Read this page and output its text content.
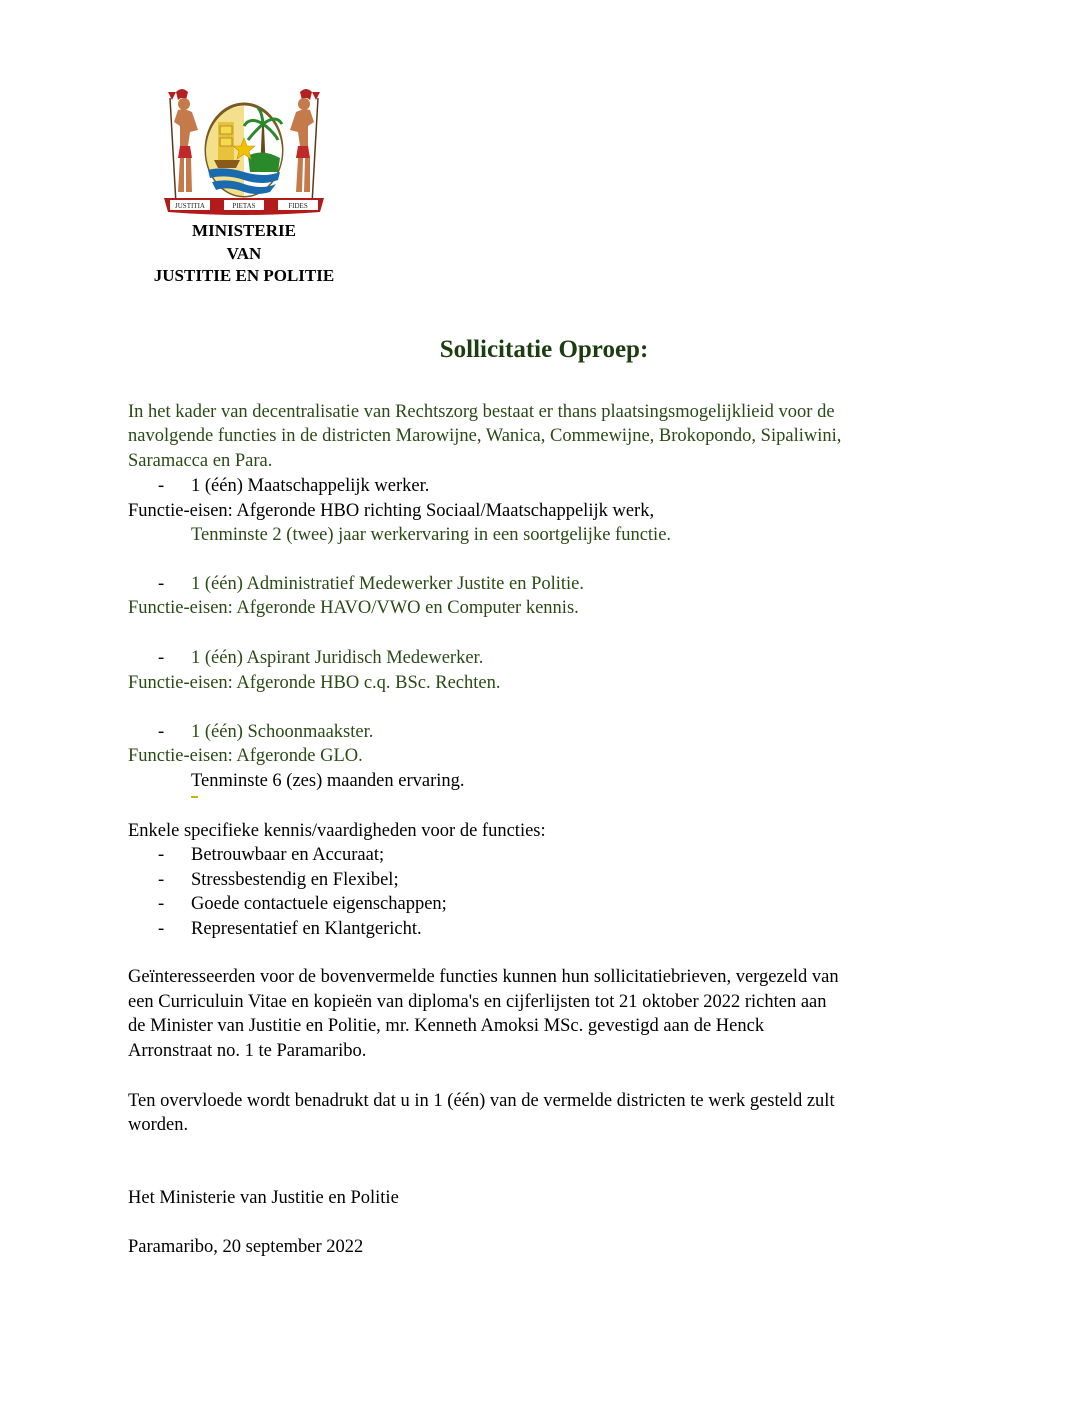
JUSTITIA	PIETAS	FIDES
MINISTERIE
VAN
JUSTITIE EN POLITIE
Sollicitatie Oproep:
In het kader van decentralisatie van Rechtszorg bestaat er thans plaatsingsmogelijklieid voor de
navolgende functies in de districten Marowijne, Wanica, Commewijne, Brokopondo, Sipaliwini,
Saramacca en Para.
- 1 (één) Maatschappelijk werker.
Functie-eisen: Afgeronde HBO richting Sociaal/Maatschappelijk werk,
Tenminste 2 (twee) jaar werkervaring in een soortgelijke functie.
- 1 (één) Administratief Medewerker Justite en Politie.
Functie-eisen: Afgeronde HAVO/VWO en Computer kennis.
- 1 (één) Aspirant Juridisch Medewerker.
Functie-eisen: Afgeronde HBO c.q. BSc. Rechten.
- 1 (één) Schoonmaakster.
Functie-eisen: Afgeronde GLO.
Tenminste 6 (zes) maanden ervaring.
Enkele specifieke kennis/vaardigheden voor de functies:
- Betrouwbaar en Accuraat;
- Stressbestendig en Flexibel;
- Goede contactuele eigenschappen;
- Representatief en Klantgericht.
Geïnteresseerden voor de bovenvermelde functies kunnen hun sollicitatiebrieven, vergezeld van
een Curriculuin Vitae en kopieën van diploma's en cijferlijsten tot 21 oktober 2022 richten aan
de Minister van Justitie en Politie, mr. Kenneth Amoksi MSc. gevestigd aan de Henck
Arronstraat no. 1 te Paramaribo.
Ten overvloede wordt benadrukt dat u in 1 (één) van de vermelde districten te werk gesteld zult
worden.
Het Ministerie van Justitie en Politie
Paramaribo, 20 september 2022
